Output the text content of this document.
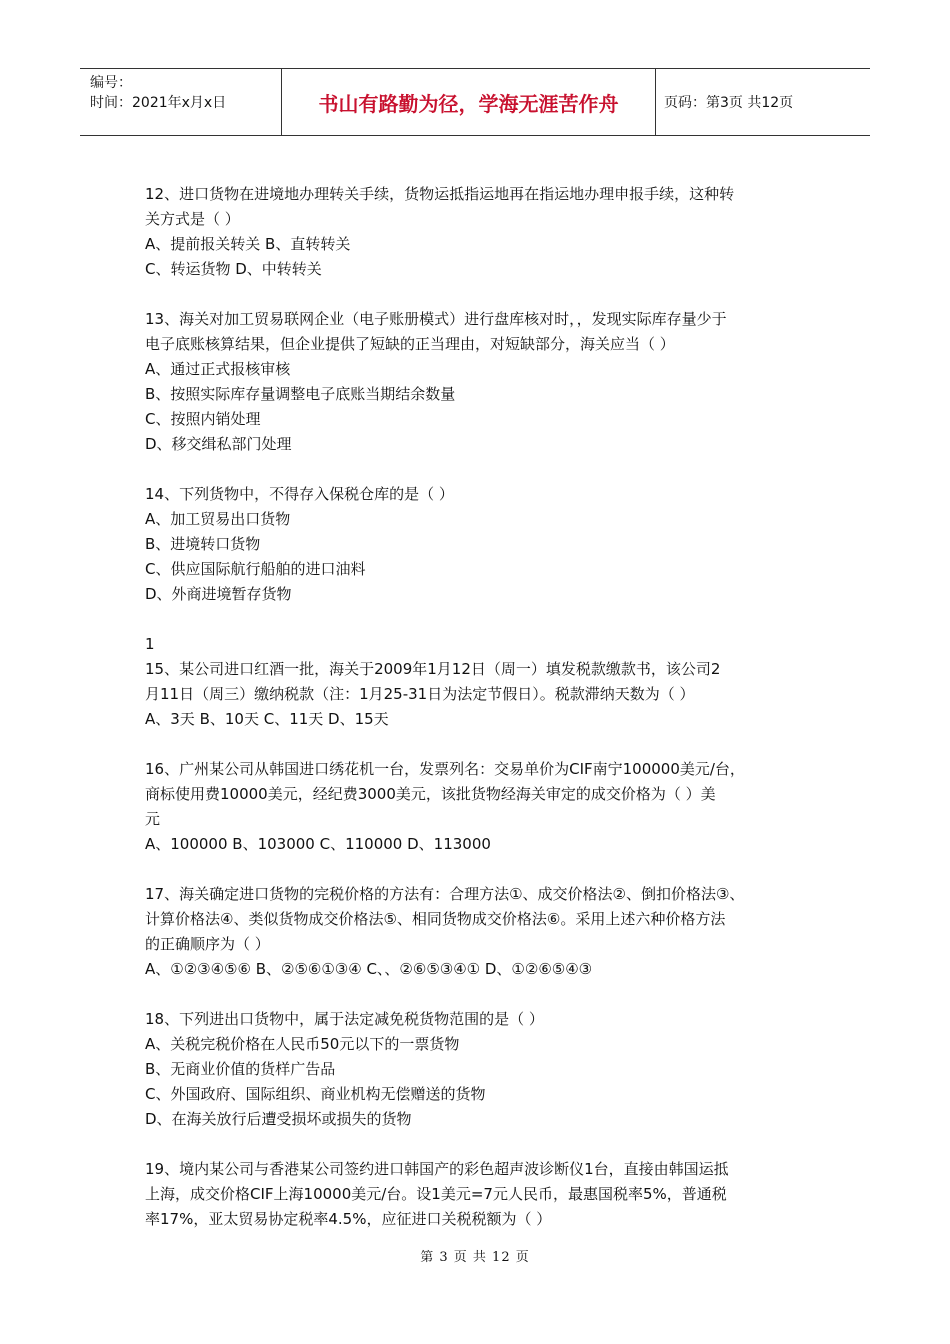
编号：
时间：2021年x月x日	书山有路勤为径，学海无涯苦作舟	页码：第3页 共12页
12、进口货物在进境地办理转关手续，货物运抵指运地再在指运地办理申报手续，这种转
关方式是（ ）
A、提前报关转关 B、直转转关
C、转运货物 D、中转转关
13、海关对加工贸易联网企业（电子账册模式）进行盘库核对时，，发现实际库存量少于
电子底账核算结果，但企业提供了短缺的正当理由，对短缺部分，海关应当（ ）
A、通过正式报核审核
B、按照实际库存量调整电子底账当期结余数量
C、按照内销处理
D、移交缉私部门处理
14、下列货物中，不得存入保税仓库的是（ ）
A、加工贸易出口货物
B、进境转口货物
C、供应国际航行船舶的进口油料
D、外商进境暂存货物
1
15、某公司进口红酒一批，海关于2009年1月12日（周一）填发税款缴款书，该公司2
月11日（周三）缴纳税款（注：1月25-31日为法定节假日）。税款滞纳天数为（ ）
A、3天 B、10天 C、11天 D、15天
16、广州某公司从韩国进口绣花机一台，发票列名：交易单价为CIF南宁100000美元/台，
商标使用费10000美元，经纪费3000美元，该批货物经海关审定的成交价格为（ ）美
元
A、100000 B、103000 C、110000 D、113000
17、海关确定进口货物的完税价格的方法有：合理方法①、成交价格法②、倒扣价格法③、
计算价格法④、类似货物成交价格法⑤、相同货物成交价格法⑥。采用上述六种价格方法
的正确顺序为（ ）
A、①②③④⑤⑥ B、②⑤⑥①③④ C、、②⑥⑤③④① D、①②⑥⑤④③
18、下列进出口货物中，属于法定减免税货物范围的是（ ）
A、关税完税价格在人民币50元以下的一票货物
B、无商业价值的货样广告品
C、外国政府、国际组织、商业机构无偿赠送的货物
D、在海关放行后遭受损坏或损失的货物
19、境内某公司与香港某公司签约进口韩国产的彩色超声波诊断仪1台，直接由韩国运抵
上海，成交价格CIF上海10000美元/台。设1美元=7元人民币，最惠国税率5%，普通税
率17%，亚太贸易协定税率4.5%，应征进口关税税额为（ ）
第 3 页 共 12 页
